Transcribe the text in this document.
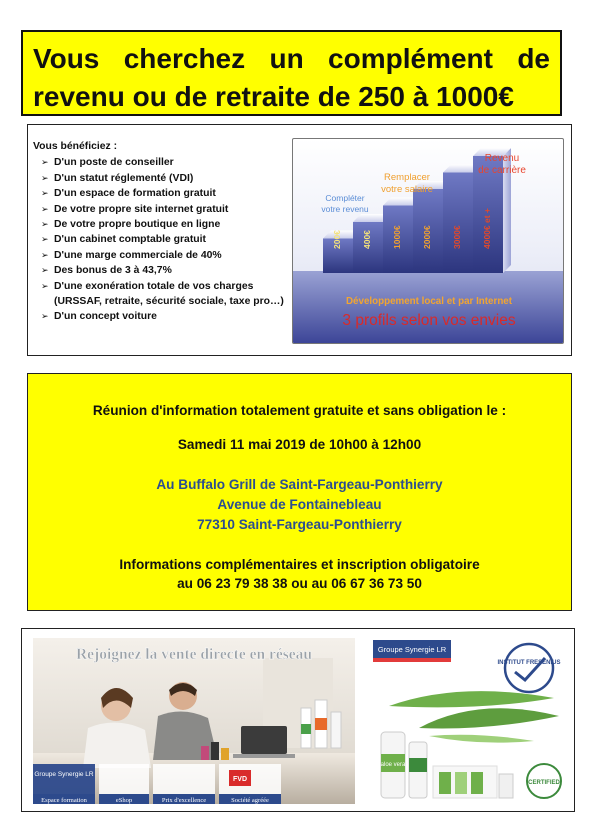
Vous cherchez un complément de

revenu ou de retraite de 250 à 1000€

Vous bénéficiez :

➢ D'un poste de conseiller
➢ D'un statut réglementé (VDI)
➢ D'un espace de formation gratuit
➢ De votre propre site internet gratuit
➢ De votre propre boutique en ligne
➢ D'un cabinet comptable gratuit
➢ D'une marge commerciale de 40%
➢ Des bonus de 3 à 43,7%
➢ D'une exonération totale de vos charges (URSSAF, retraite, sécurité sociale, taxe pro…)
➢ D'un concept voiture
200€ 400€ 1000€ 2000€ 3000€ 4000€ et +
Compléter
votre revenu
Remplacer
votre salaire
Revenu
de carrière
Développement local et par Internet
3 profils selon vos envies

Réunion d'information totalement gratuite et sans obligation le :

Samedi 11 mai 2019 de 10h00 à 12h00

Au Buffalo Grill de Saint-Fargeau-Ponthierry

Avenue de Fontainebleau

77310 Saint-Fargeau-Ponthierry

Informations complémentaires et inscription obligatoire

au 06 23 79 38 38 ou au 06 67 36 73 50

Rejoignez la vente directe en réseau
Espace formation	eShop	Prix d'excellence	Société agréée
Groupe Synergie LR
FVD
Groupe Synergie LR
INSTITUT FRESENIUS
aloe vera
CERTIFIED
